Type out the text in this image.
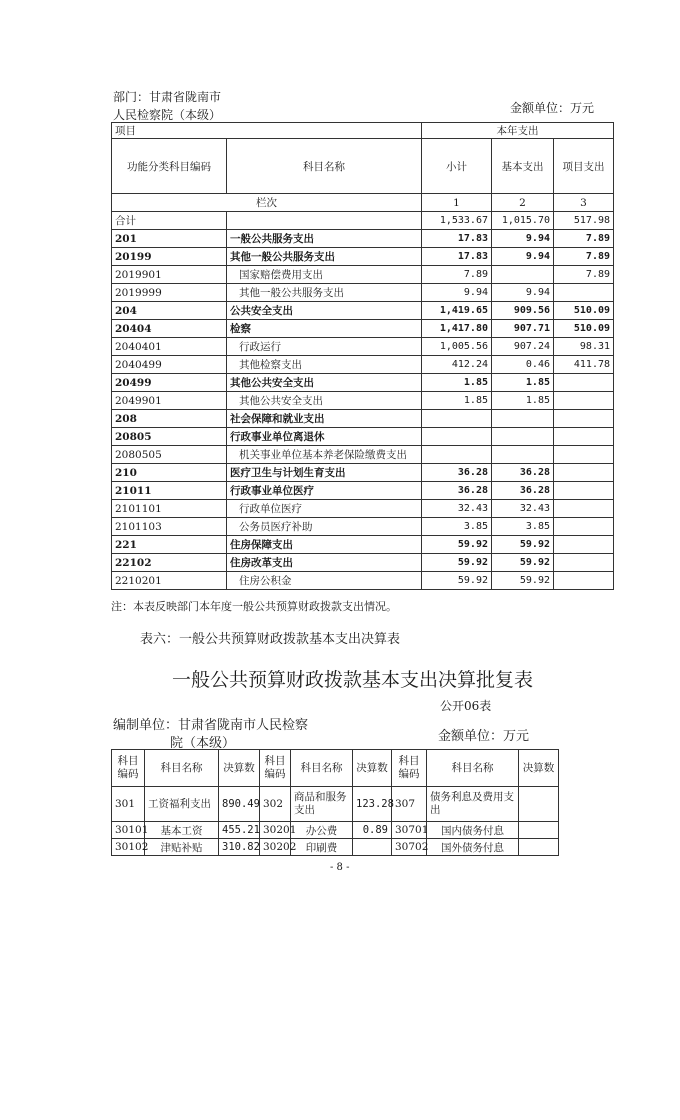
部门：甘肃省陇南市
人民检察院（本级）	金额单位：万元
项目		本年支出		
功能分类科目编码	科目名称	小计	基本支出	项目支出
栏次		1	2	3
合计		1,533.67	1,015.70	517.98
201	一般公共服务支出	17.83	9.94	7.89
20199	其他一般公共服务支出	17.83	9.94	7.89
2019901	国家赔偿费用支出	7.89		7.89
2019999	其他一般公共服务支出	9.94	9.94	
204	公共安全支出	1,419.65	909.56	510.09
20404	检察	1,417.80	907.71	510.09
2040401	行政运行	1,005.56	907.24	98.31
2040499	其他检察支出	412.24	0.46	411.78
20499	其他公共安全支出	1.85	1.85	
2049901	其他公共安全支出	1.85	1.85	
208	社会保障和就业支出			
20805	行政事业单位离退休			
2080505	机关事业单位基本养老保险缴费支出			
210	医疗卫生与计划生育支出	36.28	36.28	
21011	行政事业单位医疗	36.28	36.28	
2101101	行政单位医疗	32.43	32.43	
2101103	公务员医疗补助	3.85	3.85	
221	住房保障支出	59.92	59.92	
22102	住房改革支出	59.92	59.92	
2210201	住房公积金	59.92	59.92	
注：本表反映部门本年度一般公共预算财政拨款支出情况。
表六：一般公共预算财政拨款基本支出决算表
一般公共预算财政拨款基本支出决算批复表
公开06表
编制单位：甘肃省陇南市人民检察
院（本级）	金额单位：万元
科目编码	科目名称	决算数	科目编码	科目名称	决算数	科目编码	科目名称	决算数
301	工资福利支出	890.49	302	商品和服务支出	123.28	307	债务利息及费用支出	
30101	基本工资	455.21	30201	办公费	0.89	30701	国内债务付息	
30102	津贴补贴	310.82	30202	印刷费		30702	国外债务付息	
- 8 -
